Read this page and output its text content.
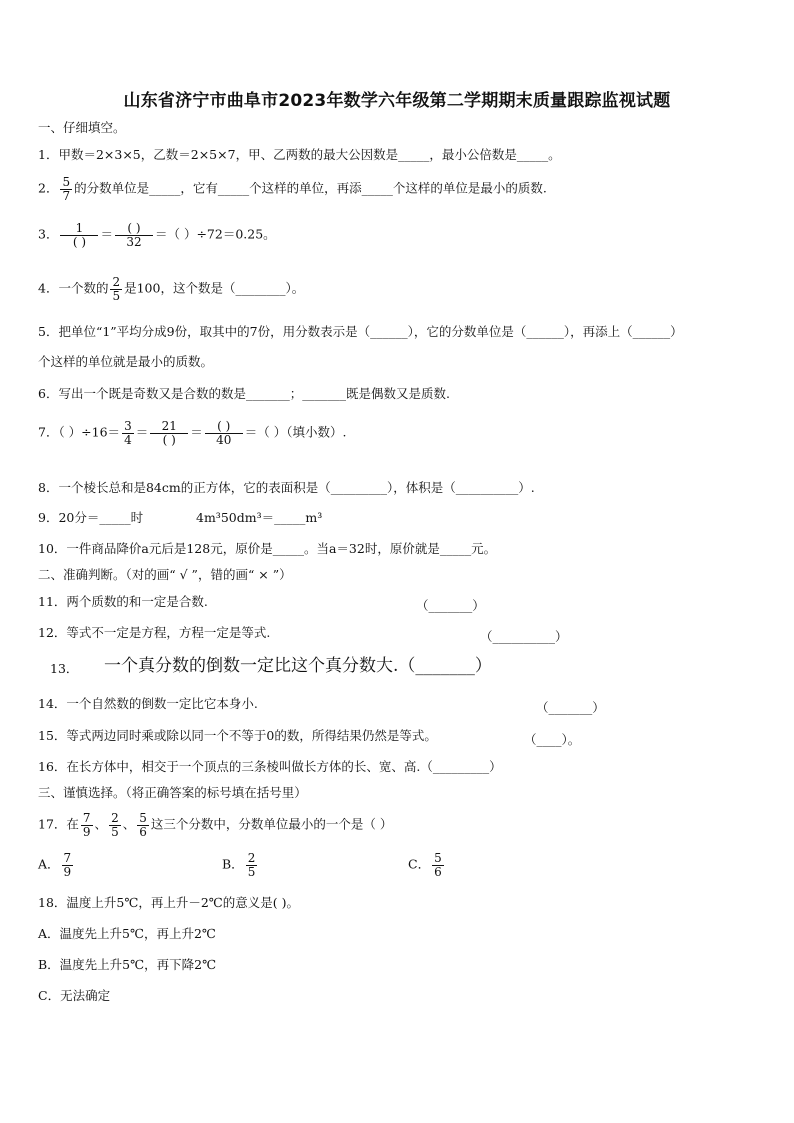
山东省济宁市曲阜市2023年数学六年级第二学期期末质量跟踪监视试题
一、仔细填空。
1．甲数＝2×3×5，乙数＝2×5×7，甲、乙两数的最大公因数是_____，最小公倍数是_____。
2． $\frac{5}{7}$ 的分数单位是_____，它有_____个这样的单位，再添_____个这样的单位是最小的质数.
3． $\frac{1}{( )} = \frac{( )}{32}$ ＝（ ）÷72＝0.25。
4．一个数的 $\frac{2}{5}$ 是100，这个数是（________）。
5．把单位“1”平均分成9份，取其中的7份，用分数表示是（______），它的分数单位是（______），再添上（______）
个这样的单位就是最小的质数。
6．写出一个既是奇数又是合数的数是_______；_______既是偶数又是质数.
7．（ ）$\div 16= \frac{3}{4} = \frac{21}{( )} = \frac{( )}{40}$ ＝（ ）（填小数）.
8．一个棱长总和是84cm的正方体，它的表面积是（_________），体积是（__________）.
9．20分＝_____时	4m³50dm³＝_____m³
10．一件商品降价a元后是128元，原价是_____。当a＝32时，原价就是_____元。
二、准确判断。（对的画“ √ ”，错的画“ × ”）
11．两个质数的和一定是合数.	（_______）
12．等式不一定是方程，方程一定是等式.	（__________）
13． 一个真分数的倒数一定比这个真分数大.（_______）
14．一个自然数的倒数一定比它本身小.	（_______）
15．等式两边同时乘或除以同一个不等于0的数，所得结果仍然是等式。	（____）。
16．在长方体中，相交于一个顶点的三条棱叫做长方体的长、宽、高.（_________）
三、谨慎选择。（将正确答案的标号填在括号里）
17．在 $\frac{7}{9}$ 、 $\frac{2}{5}$ 、 $\frac{5}{6}$ 这三个分数中，分数单位最小的一个是（ ）
A． $\frac{7}{9}$	B． $\frac{2}{5}$	C． $\frac{5}{6}$
18．温度上升5℃，再上升－2℃的意义是( )。
A．温度先上升5℃，再上升2℃
B．温度先上升5℃，再下降2℃
C．无法确定
